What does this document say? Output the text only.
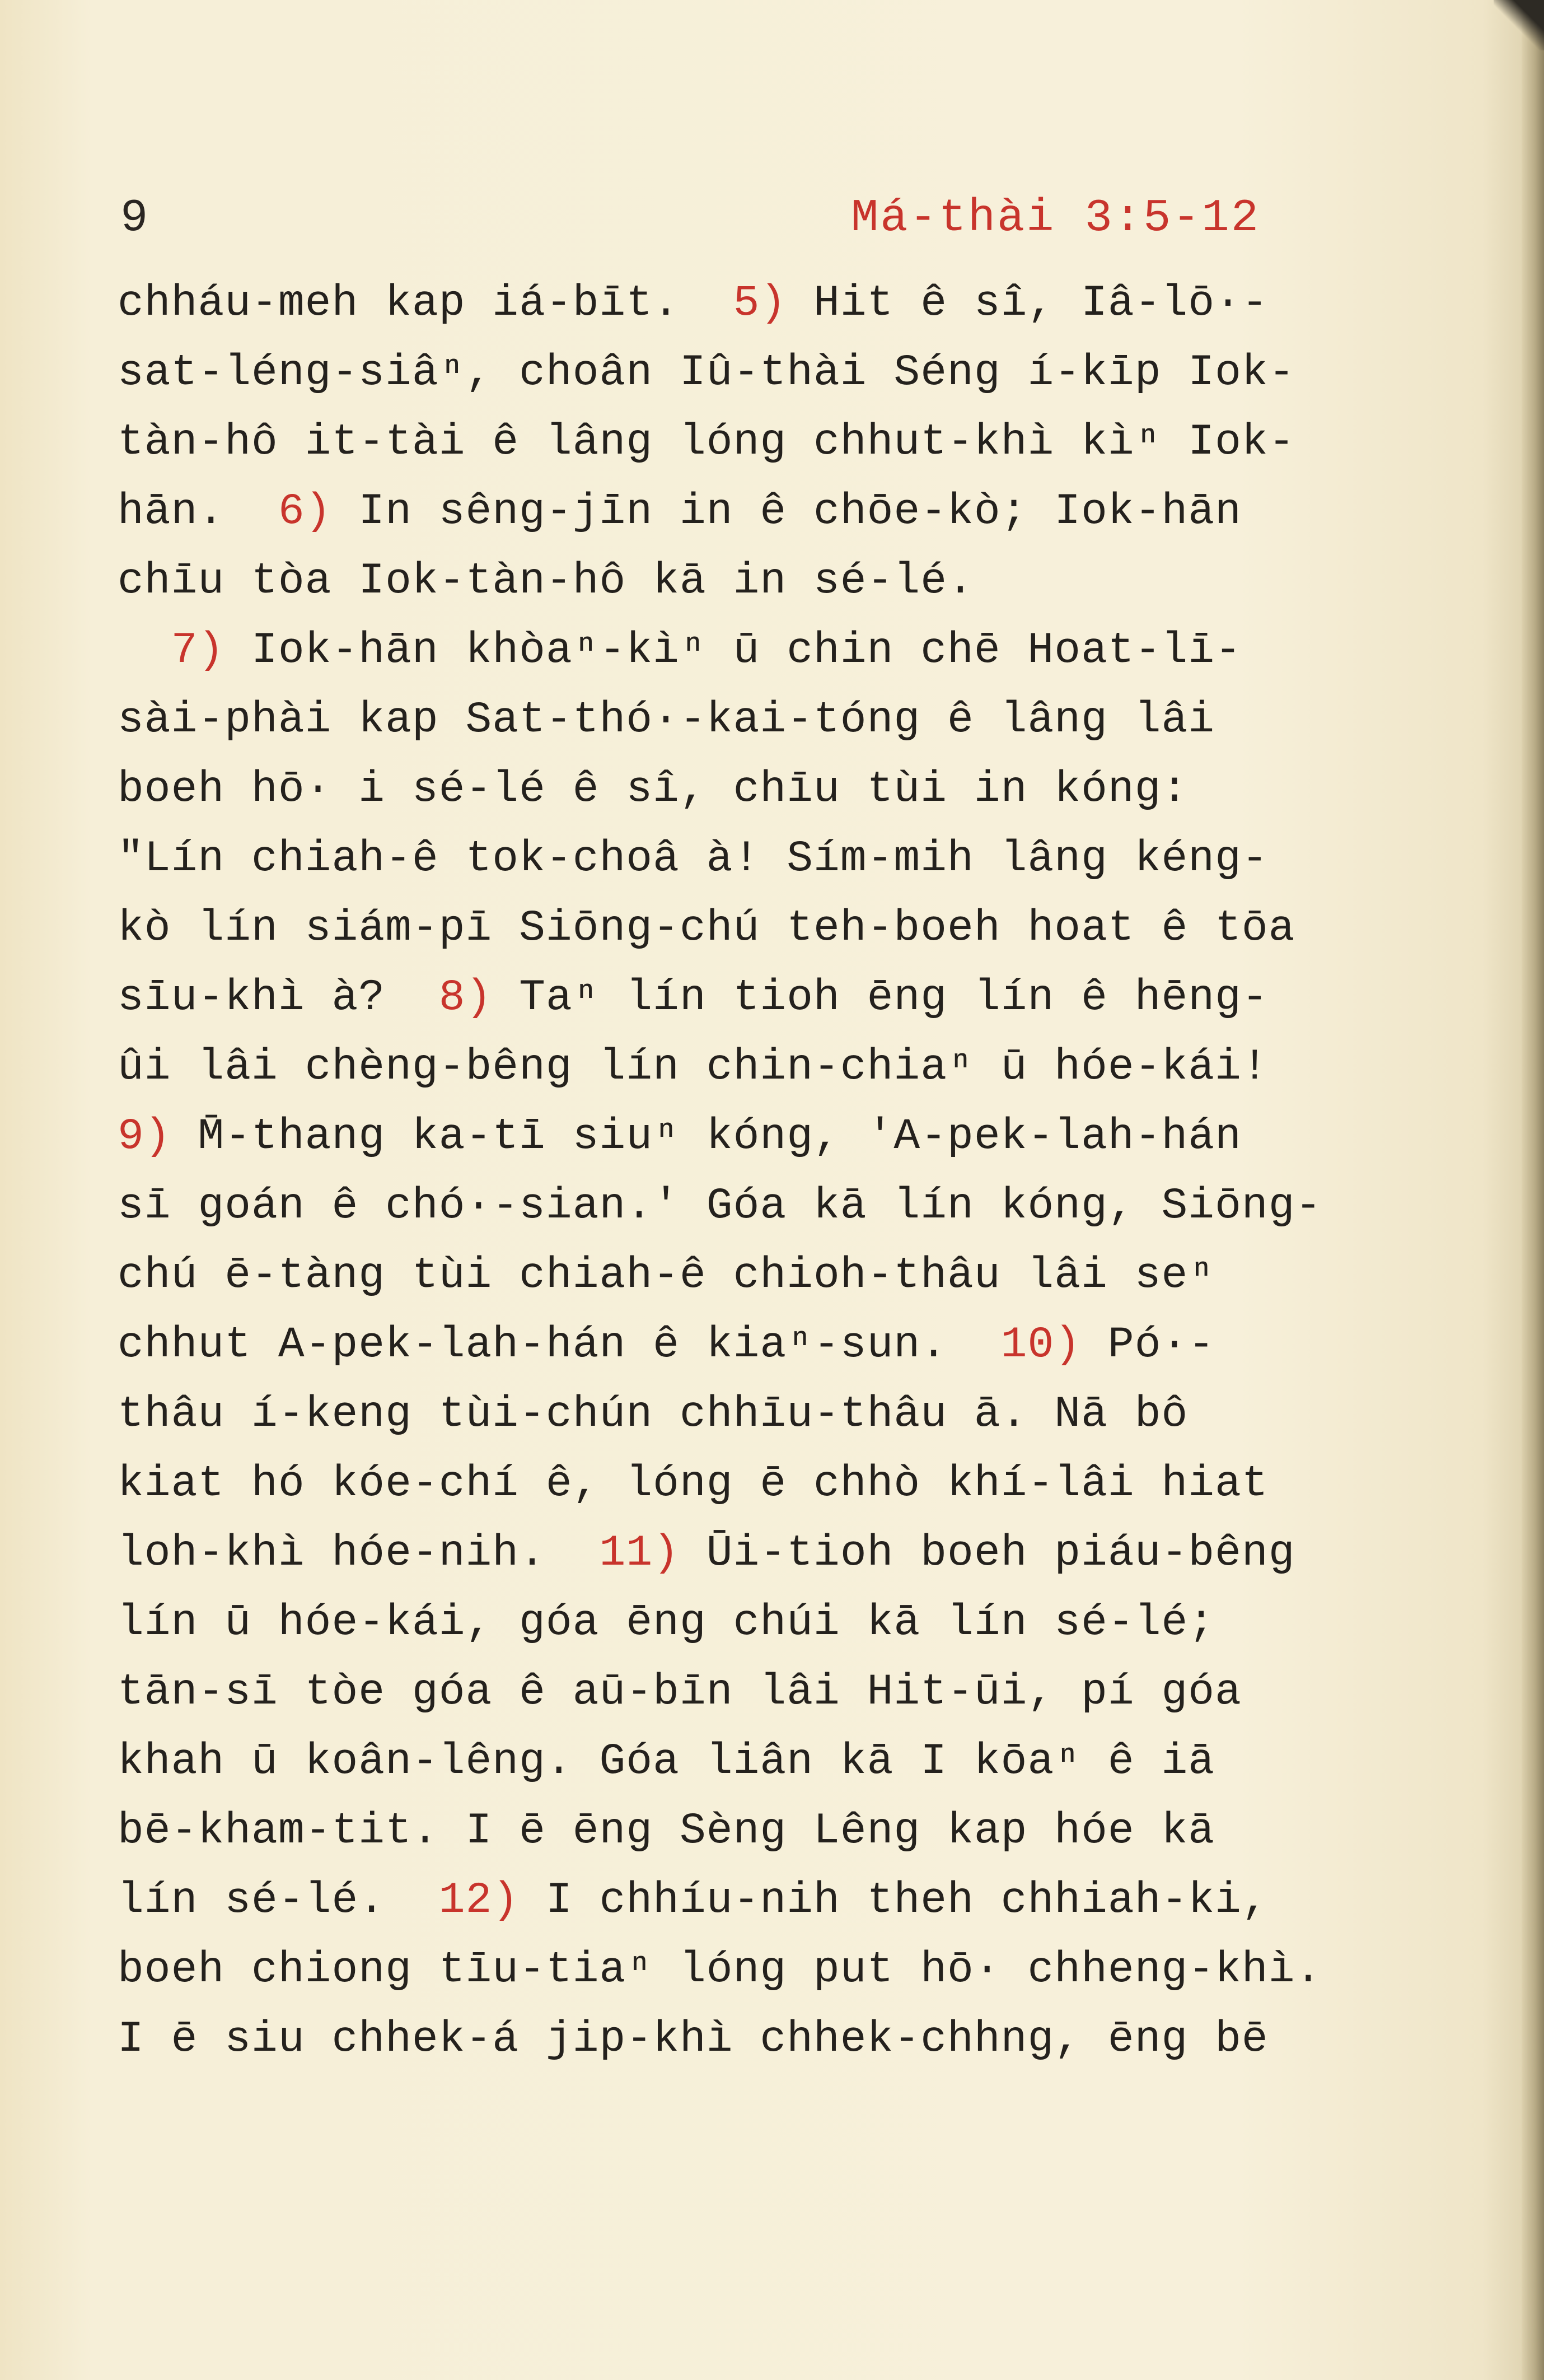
9	Má-thài 3:5-12
chháu-meh kap iá-bīt.  5) Hit ê sî, Iâ-lō·-
sat-léng-siâⁿ, choân Iû-thài Séng í-kīp Iok-
tàn-hô it-tài ê lâng lóng chhut-khì kìⁿ Iok-
hān.  6) In sêng-jīn in ê chōe-kò; Iok-hān
chīu tòa Iok-tàn-hô kā in sé-lé.
7) Iok-hān khòaⁿ-kìⁿ ū chin chē Hoat-lī-
sài-phài kap Sat-thó·-kai-tóng ê lâng lâi
boeh hō· i sé-lé ê sî, chīu tùi in kóng:
"Lín chiah-ê tok-choâ à! Sím-mih lâng kéng-
kò lín siám-pī Siōng-chú teh-boeh hoat ê tōa
sīu-khì à?  8) Taⁿ lín tioh ēng lín ê hēng-
ûi lâi chèng-bêng lín chin-chiaⁿ ū hóe-kái!
9) M̄-thang ka-tī siuⁿ kóng, 'A-pek-lah-hán
sī goán ê chó·-sian.' Góa kā lín kóng, Siōng-
chú ē-tàng tùi chiah-ê chioh-thâu lâi seⁿ
chhut A-pek-lah-hán ê kiaⁿ-sun.  10) Pó·-
thâu í-keng tùi-chún chhīu-thâu ā. Nā bô
kiat hó kóe-chí ê, lóng ē chhò khí-lâi hiat
loh-khì hóe-nih.  11) Ūi-tioh boeh piáu-bêng
lín ū hóe-kái, góa ēng chúi kā lín sé-lé;
tān-sī tòe góa ê aū-bīn lâi Hit-ūi, pí góa
khah ū koân-lêng. Góa liân kā I kōaⁿ ê iā
bē-kham-tit. I ē ēng Sèng Lêng kap hóe kā
lín sé-lé.  12) I chhíu-nih theh chhiah-ki,
boeh chiong tīu-tiaⁿ lóng put hō· chheng-khì.
I ē siu chhek-á jip-khì chhek-chhng, ēng bē
